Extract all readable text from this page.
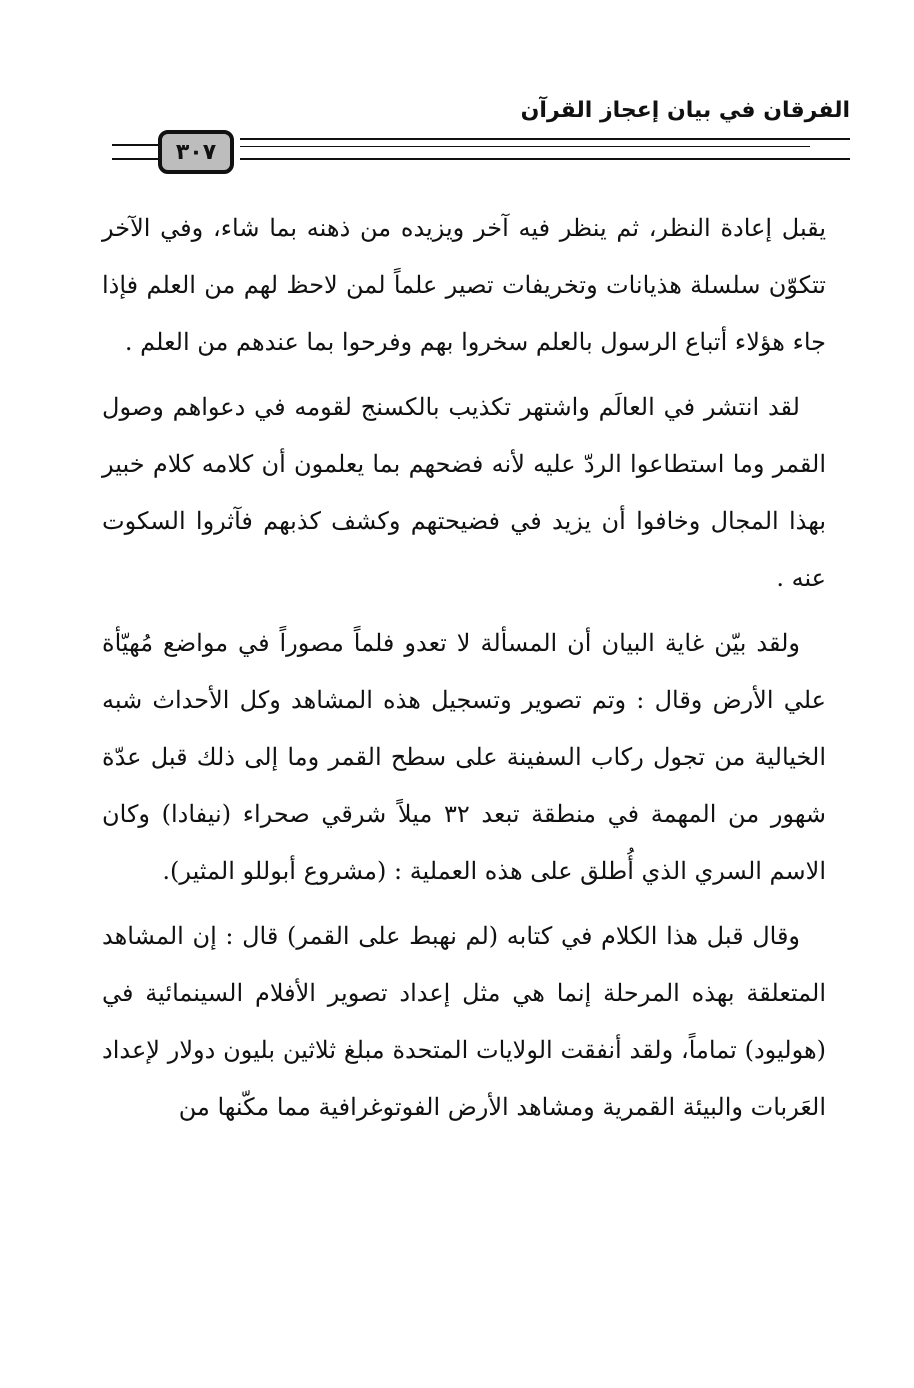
الفرقان في بيان إعجاز القرآن
٣٠٧

يقبل إعادة النظر، ثم ينظر فيه آخر ويزيده من ذهنه بما شاء، وفي الآخر تتكوّن سلسلة هذيانات وتخريفات تصير علماً لمن لاحظ لهم من العلم فإذا جاء هؤلاء أتباع الرسول بالعلم سخروا بهم وفرحوا بما عندهم من العلم .

لقد انتشر في العالَم واشتهر تكذيب بالكسنج لقومه في دعواهم وصول القمر وما استطاعوا الردّ عليه لأنه فضحهم بما يعلمون أن كلامه كلام خبير بهذا المجال وخافوا أن يزيد في فضيحتهم وكشف كذبهم فآثروا السكوت عنه .

ولقد بيّن غاية البيان أن المسألة لا تعدو فلماً مصوراً في مواضع مُهيّأة علي الأرض وقال : وتم تصوير وتسجيل هذه المشاهد وكل الأحداث شبه الخيالية من تجول ركاب السفينة على سطح القمر وما إلى ذلك قبل عدّة شهور من المهمة في منطقة تبعد ٣٢ ميلاً شرقي صحراء (نيفادا) وكان الاسم السري الذي أُطلق على هذه العملية : (مشروع أبوللو المثير).

وقال قبل هذا الكلام في كتابه (لم نهبط على القمر) قال : إن المشاهد المتعلقة بهذه المرحلة إنما هي مثل إعداد تصوير الأفلام السينمائية في (هوليود) تماماً، ولقد أنفقت الولايات المتحدة مبلغ ثلاثين بليون دولار لإعداد العَربات والبيئة القمرية ومشاهد الأرض الفوتوغرافية مما مكّنها من
